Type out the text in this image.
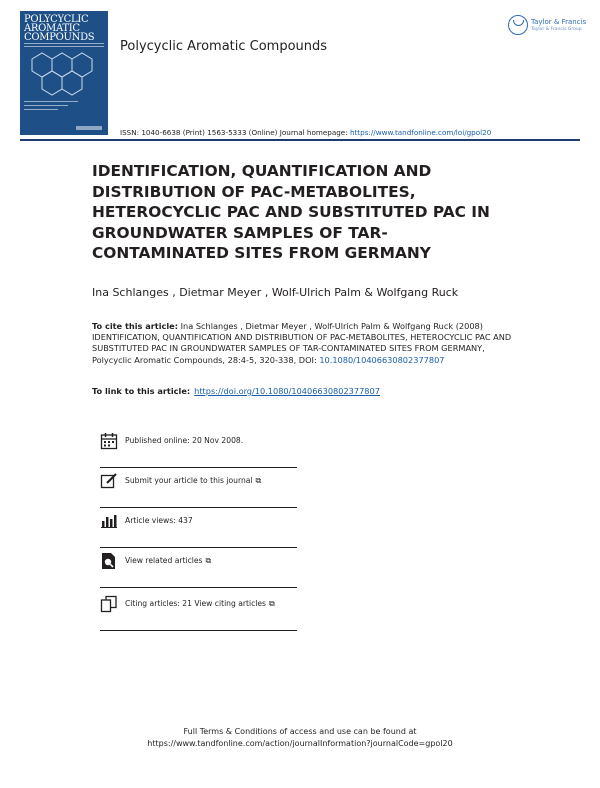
POLYCYCLIC
AROMATIC
COMPOUNDS
Polycyclic Aromatic Compounds
Taylor & Francis
Taylor & Francis Group
ISSN: 1040-6638 (Print) 1563-5333 (Online) Journal homepage: https://www.tandfonline.com/loi/gpol20
IDENTIFICATION, QUANTIFICATION AND DISTRIBUTION OF PAC-METABOLITES, HETEROCYCLIC PAC AND SUBSTITUTED PAC IN GROUNDWATER SAMPLES OF TAR-CONTAMINATED SITES FROM GERMANY
Ina Schlanges , Dietmar Meyer , Wolf-Ulrich Palm & Wolfgang Ruck
To cite this article: Ina Schlanges , Dietmar Meyer , Wolf-Ulrich Palm & Wolfgang Ruck (2008) IDENTIFICATION, QUANTIFICATION AND DISTRIBUTION OF PAC-METABOLITES, HETEROCYCLIC PAC AND SUBSTITUTED PAC IN GROUNDWATER SAMPLES OF TAR-CONTAMINATED SITES FROM GERMANY, Polycyclic Aromatic Compounds, 28:4-5, 320-338, DOI: 10.1080/10406630802377807
To link to this article: https://doi.org/10.1080/10406630802377807
Published online: 20 Nov 2008.
Submit your article to this journal ⧉
Article views: 437
View related articles ⧉
Citing articles: 21 View citing articles ⧉
Full Terms & Conditions of access and use can be found at
https://www.tandfonline.com/action/journalInformation?journalCode=gpol20
